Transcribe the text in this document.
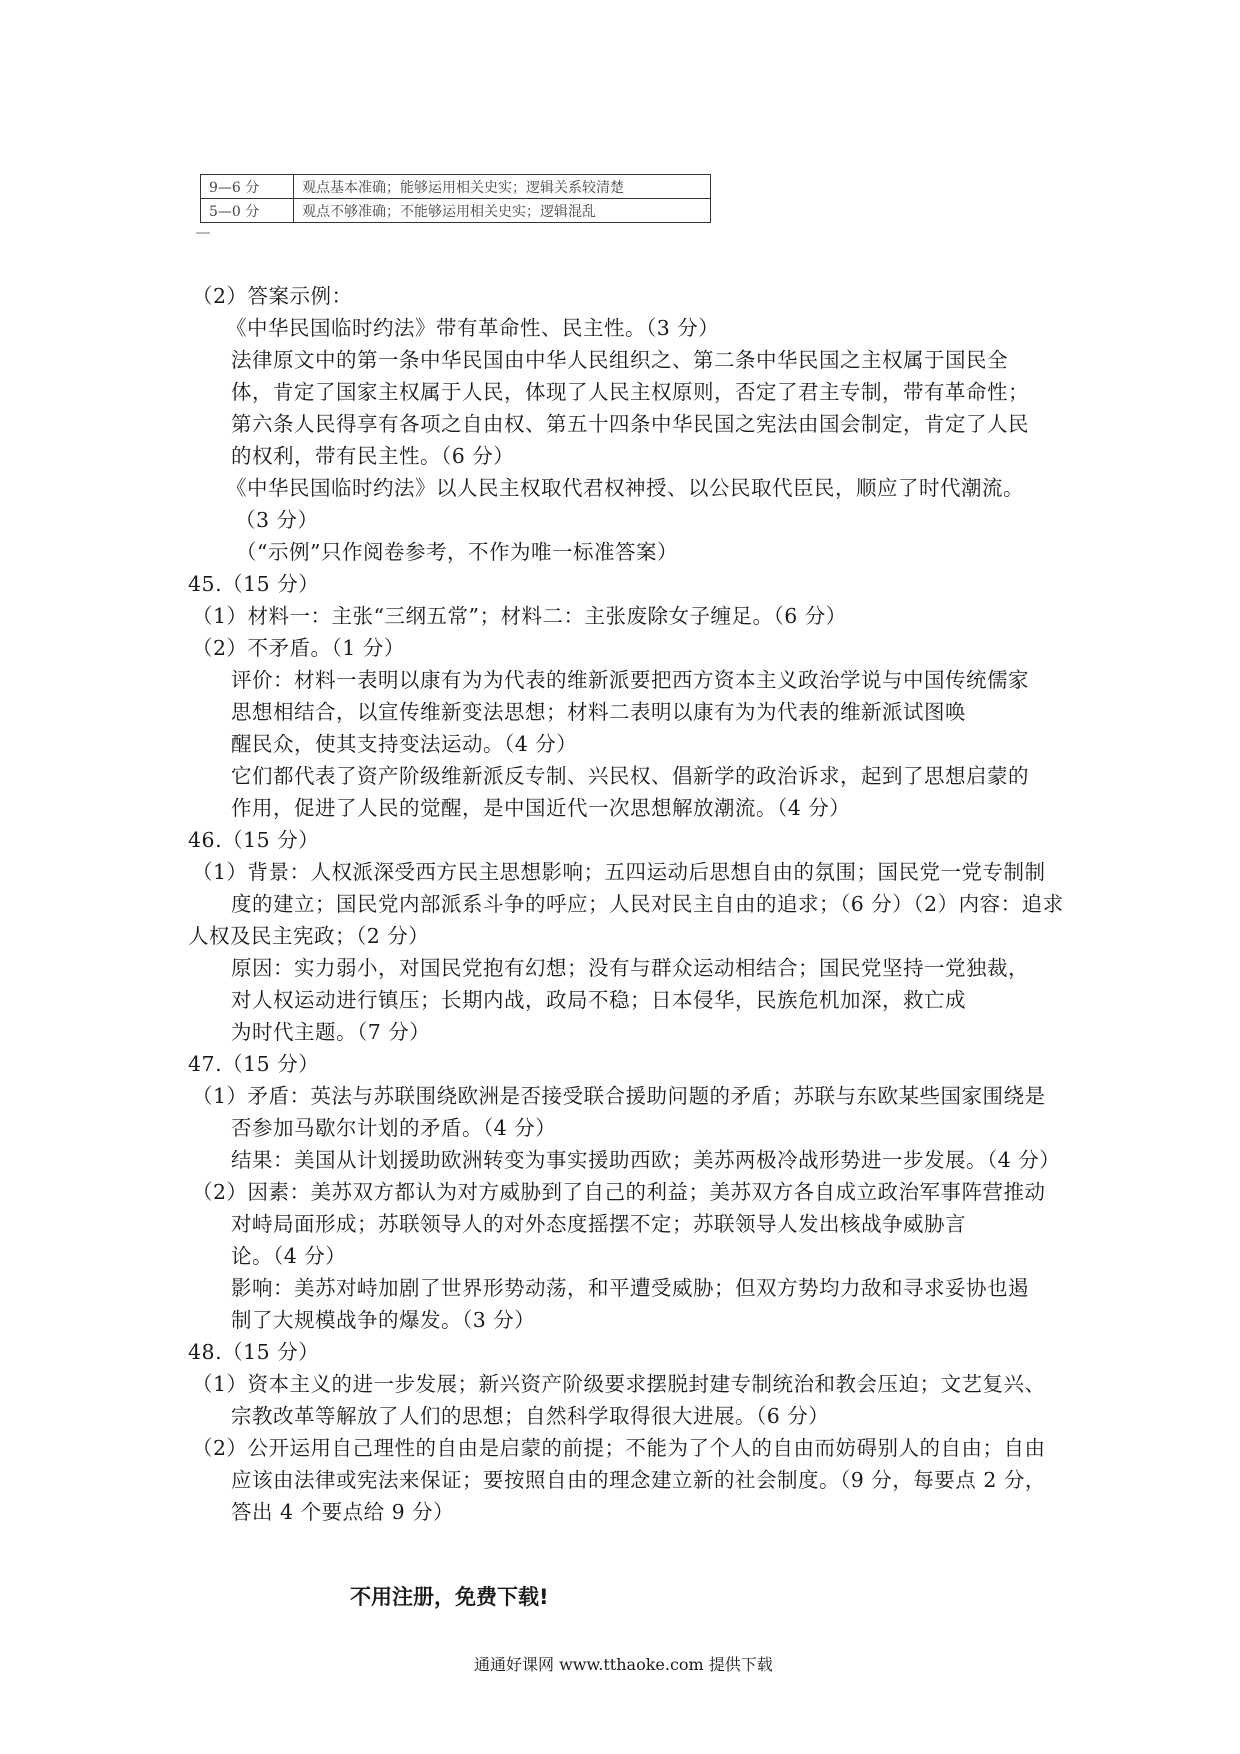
9—6 分	观点基本准确；能够运用相关史实；逻辑关系较清楚
5—0 分	观点不够准确；不能够运用相关史实；逻辑混乱
（2）答案示例：
《中华民国临时约法》带有革命性、民主性。（3 分）
法律原文中的第一条中华民国由中华人民组织之、第二条中华民国之主权属于国民全
体，肯定了国家主权属于人民，体现了人民主权原则，否定了君主专制，带有革命性；
第六条人民得享有各项之自由权、第五十四条中华民国之宪法由国会制定，肯定了人民
的权利，带有民主性。（6 分）
《中华民国临时约法》以人民主权取代君权神授、以公民取代臣民，顺应了时代潮流。
（3 分）
（“示例”只作阅卷参考，不作为唯一标准答案）
45.（15 分）
（1）材料一：主张“三纲五常”；材料二：主张废除女子缠足。（6 分）
（2）不矛盾。（1 分）
评价：材料一表明以康有为为代表的维新派要把西方资本主义政治学说与中国传统儒家
思想相结合，以宣传维新变法思想；材料二表明以康有为为代表的维新派试图唤
醒民众，使其支持变法运动。（4 分）
它们都代表了资产阶级维新派反专制、兴民权、倡新学的政治诉求，起到了思想启蒙的
作用，促进了人民的觉醒，是中国近代一次思想解放潮流。（4 分）
46.（15 分）
（1）背景：人权派深受西方民主思想影响；五四运动后思想自由的氛围；国民党一党专制制
度的建立；国民党内部派系斗争的呼应；人民对民主自由的追求；（6 分）（2）内容：追求
人权及民主宪政；（2 分）
原因：实力弱小，对国民党抱有幻想；没有与群众运动相结合；国民党坚持一党独裁，
对人权运动进行镇压；长期内战，政局不稳；日本侵华，民族危机加深，救亡成
为时代主题。（7 分）
47.（15 分）
（1）矛盾：英法与苏联围绕欧洲是否接受联合援助问题的矛盾；苏联与东欧某些国家围绕是
否参加马歇尔计划的矛盾。（4 分）
结果：美国从计划援助欧洲转变为事实援助西欧；美苏两极冷战形势进一步发展。（4 分）
（2）因素：美苏双方都认为对方威胁到了自己的利益；美苏双方各自成立政治军事阵营推动
对峙局面形成；苏联领导人的对外态度摇摆不定；苏联领导人发出核战争威胁言
论。（4 分）
影响：美苏对峙加剧了世界形势动荡，和平遭受威胁；但双方势均力敌和寻求妥协也遏
制了大规模战争的爆发。（3 分）
48.（15 分）
（1）资本主义的进一步发展；新兴资产阶级要求摆脱封建专制统治和教会压迫；文艺复兴、
宗教改革等解放了人们的思想；自然科学取得很大进展。（6 分）
（2）公开运用自己理性的自由是启蒙的前提；不能为了个人的自由而妨碍别人的自由；自由
应该由法律或宪法来保证；要按照自由的理念建立新的社会制度。（9 分，每要点 2 分，
答出 4 个要点给 9 分）
不用注册，免费下载!
通通好课网 www.tthaoke.com 提供下载
